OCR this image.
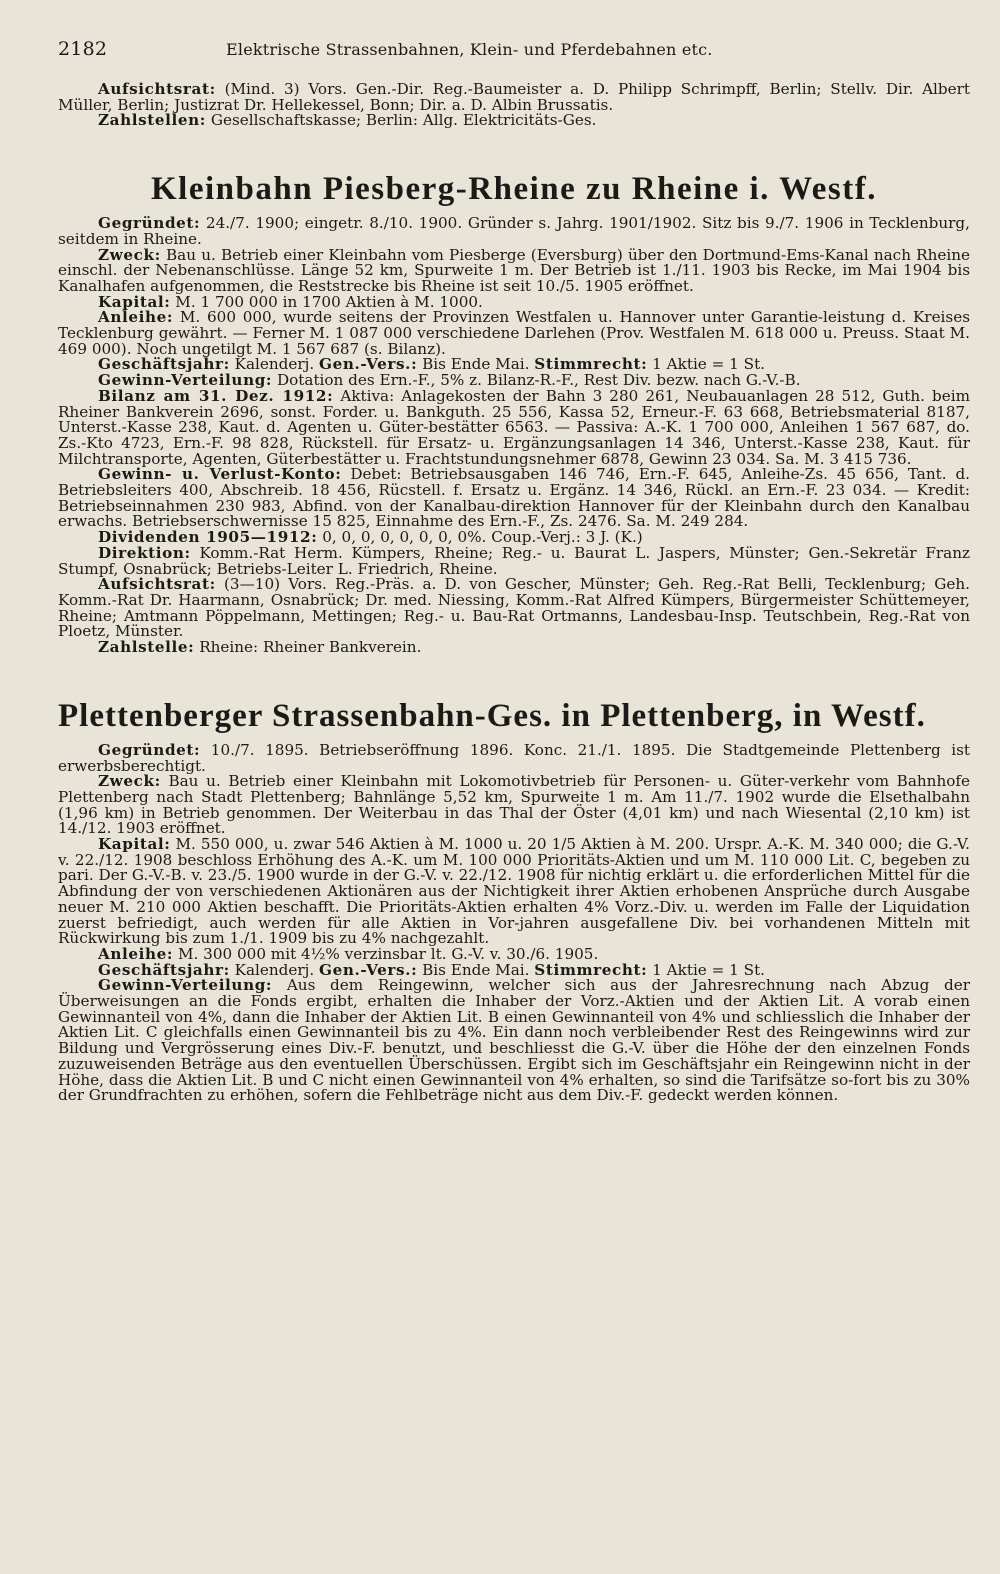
2182	Elektrische Strassenbahnen, Klein- und Pferdebahnen etc.

Aufsichtsrat: (Mind. 3) Vors. Gen.-Dir. Reg.-Baumeister a. D. Philipp Schrimpff, Berlin; Stellv. Dir. Albert Müller, Berlin; Justizrat Dr. Hellekessel, Bonn; Dir. a. D. Albin Brussatis.

Zahlstellen: Gesellschaftskasse; Berlin: Allg. Elektricitäts-Ges.

Kleinbahn Piesberg-Rheine zu Rheine i. Westf.

Gegründet: 24./7. 1900; eingetr. 8./10. 1900. Gründer s. Jahrg. 1901/1902. Sitz bis 9./7. 1906 in Tecklenburg, seitdem in Rheine.

Zweck: Bau u. Betrieb einer Kleinbahn vom Piesberge (Eversburg) über den Dortmund-Ems-Kanal nach Rheine einschl. der Nebenanschlüsse. Länge 52 km, Spurweite 1 m. Der Betrieb ist 1./11. 1903 bis Recke, im Mai 1904 bis Kanalhafen aufgenommen, die Reststrecke bis Rheine ist seit 10./5. 1905 eröffnet.

Kapital: M. 1 700 000 in 1700 Aktien à M. 1000.

Anleihe: M. 600 000, wurde seitens der Provinzen Westfalen u. Hannover unter Garantie-leistung d. Kreises Tecklenburg gewährt. — Ferner M. 1 087 000 verschiedene Darlehen (Prov. Westfalen M. 618 000 u. Preuss. Staat M. 469 000). Noch ungetilgt M. 1 567 687 (s. Bilanz).

Geschäftsjahr: Kalenderj. Gen.-Vers.: Bis Ende Mai. Stimmrecht: 1 Aktie = 1 St.

Gewinn-Verteilung: Dotation des Ern.-F., 5% z. Bilanz-R.-F., Rest Div. bezw. nach G.-V.-B.

Bilanz am 31. Dez. 1912: Aktiva: Anlagekosten der Bahn 3 280 261, Neubauanlagen 28 512, Guth. beim Rheiner Bankverein 2696, sonst. Forder. u. Bankguth. 25 556, Kassa 52, Erneur.-F. 63 668, Betriebsmaterial 8187, Unterst.-Kasse 238, Kaut. d. Agenten u. Güter-bestätter 6563. — Passiva: A.-K. 1 700 000, Anleihen 1 567 687, do. Zs.-Kto 4723, Ern.-F. 98 828, Rückstell. für Ersatz- u. Ergänzungsanlagen 14 346, Unterst.-Kasse 238, Kaut. für Milchtransporte, Agenten, Güterbestätter u. Frachtstundungsnehmer 6878, Gewinn 23 034. Sa. M. 3 415 736.

Gewinn- u. Verlust-Konto: Debet: Betriebsausgaben 146 746, Ern.-F. 645, Anleihe-Zs. 45 656, Tant. d. Betriebsleiters 400, Abschreib. 18 456, Rücstell. f. Ersatz u. Ergänz. 14 346, Rückl. an Ern.-F. 23 034. — Kredit: Betriebseinnahmen 230 983, Abfind. von der Kanalbau-direktion Hannover für der Kleinbahn durch den Kanalbau erwachs. Betriebserschwernisse 15 825, Einnahme des Ern.-F., Zs. 2476. Sa. M. 249 284.

Dividenden 1905—1912: 0, 0, 0, 0, 0, 0, 0, 0%. Coup.-Verj.: 3 J. (K.)

Direktion: Komm.-Rat Herm. Kümpers, Rheine; Reg.- u. Baurat L. Jaspers, Münster; Gen.-Sekretär Franz Stumpf, Osnabrück; Betriebs-Leiter L. Friedrich, Rheine.

Aufsichtsrat: (3—10) Vors. Reg.-Präs. a. D. von Gescher, Münster; Geh. Reg.-Rat Belli, Tecklenburg; Geh. Komm.-Rat Dr. Haarmann, Osnabrück; Dr. med. Niessing, Komm.-Rat Alfred Kümpers, Bürgermeister Schüttemeyer, Rheine; Amtmann Pöppelmann, Mettingen; Reg.- u. Bau-Rat Ortmanns, Landesbau-Insp. Teutschbein, Reg.-Rat von Ploetz, Münster.

Zahlstelle: Rheine: Rheiner Bankverein.

Plettenberger Strassenbahn-Ges. in Plettenberg, in Westf.

Gegründet: 10./7. 1895. Betriebseröffnung 1896. Konc. 21./1. 1895. Die Stadtgemeinde Plettenberg ist erwerbsberechtigt.

Zweck: Bau u. Betrieb einer Kleinbahn mit Lokomotivbetrieb für Personen- u. Güter-verkehr vom Bahnhofe Plettenberg nach Stadt Plettenberg; Bahnlänge 5,52 km, Spurweite 1 m. Am 11./7. 1902 wurde die Elsethalbahn (1,96 km) in Betrieb genommen. Der Weiterbau in das Thal der Öster (4,01 km) und nach Wiesental (2,10 km) ist 14./12. 1903 eröffnet.

Kapital: M. 550 000, u. zwar 546 Aktien à M. 1000 u. 20 1/5 Aktien à M. 200. Urspr. A.-K. M. 340 000; die G.-V. v. 22./12. 1908 beschloss Erhöhung des A.-K. um M. 100 000 Prioritäts-Aktien und um M. 110 000 Lit. C, begeben zu pari. Der G.-V.-B. v. 23./5. 1900 wurde in der G.-V. v. 22./12. 1908 für nichtig erklärt u. die erforderlichen Mittel für die Abfindung der von verschiedenen Aktionären aus der Nichtigkeit ihrer Aktien erhobenen Ansprüche durch Ausgabe neuer M. 210 000 Aktien beschafft. Die Prioritäts-Aktien erhalten 4% Vorz.-Div. u. werden im Falle der Liquidation zuerst befriedigt, auch werden für alle Aktien in Vor-jahren ausgefallene Div. bei vorhandenen Mitteln mit Rückwirkung bis zum 1./1. 1909 bis zu 4% nachgezahlt.

Anleihe: M. 300 000 mit 4½% verzinsbar lt. G.-V. v. 30./6. 1905.

Geschäftsjahr: Kalenderj. Gen.-Vers.: Bis Ende Mai. Stimmrecht: 1 Aktie = 1 St.

Gewinn-Verteilung: Aus dem Reingewinn, welcher sich aus der Jahresrechnung nach Abzug der Überweisungen an die Fonds ergibt, erhalten die Inhaber der Vorz.-Aktien und der Aktien Lit. A vorab einen Gewinnanteil von 4%, dann die Inhaber der Aktien Lit. B einen Gewinnanteil von 4% und schliesslich die Inhaber der Aktien Lit. C gleichfalls einen Gewinnanteil bis zu 4%. Ein dann noch verbleibender Rest des Reingewinns wird zur Bildung und Vergrösserung eines Div.-F. benutzt, und beschliesst die G.-V. über die Höhe der den einzelnen Fonds zuzuweisenden Beträge aus den eventuellen Überschüssen. Ergibt sich im Geschäftsjahr ein Reingewinn nicht in der Höhe, dass die Aktien Lit. B und C nicht einen Gewinnanteil von 4% erhalten, so sind die Tarifsätze so-fort bis zu 30% der Grundfrachten zu erhöhen, sofern die Fehlbeträge nicht aus dem Div.-F. gedeckt werden können.
